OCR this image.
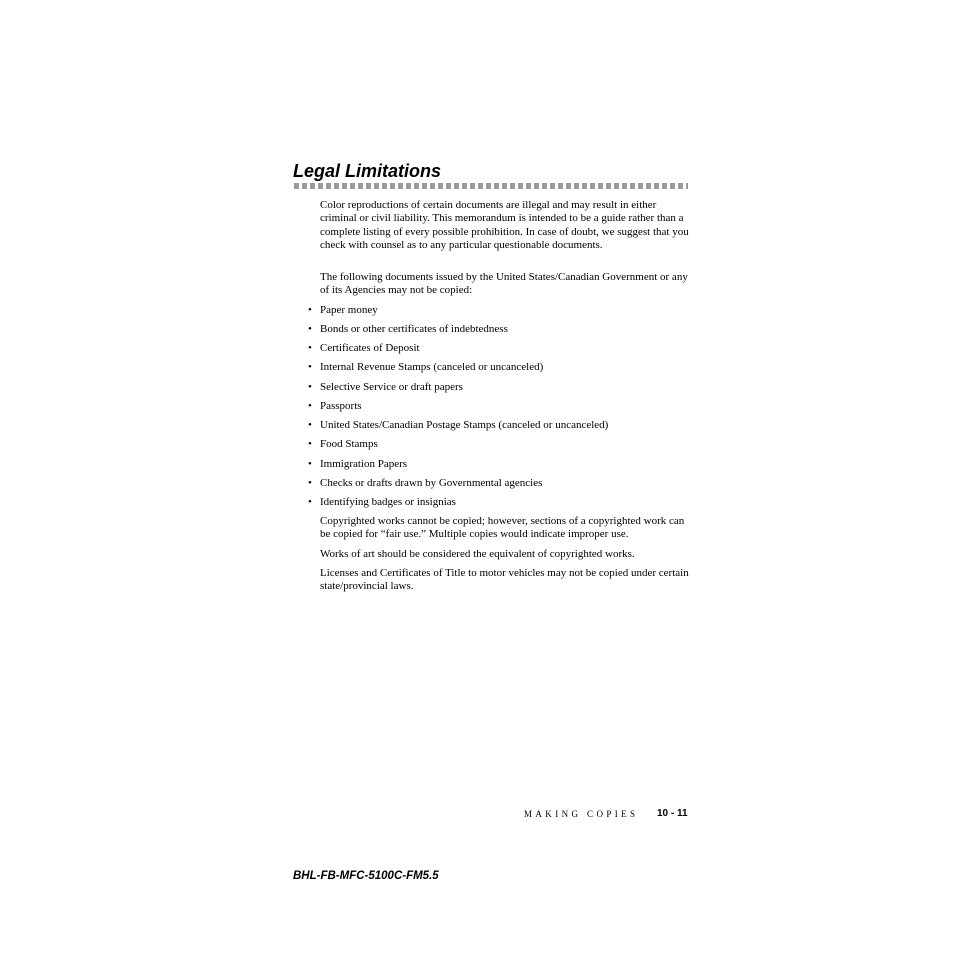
Legal Limitations

Color reproductions of certain documents are illegal and may result in either criminal or civil liability. This memorandum is intended to be a guide rather than a complete listing of every possible prohibition. In case of doubt, we suggest that you check with counsel as to any particular questionable documents.

The following documents issued by the United States/Canadian Government or any of its Agencies may not be copied:

• Paper money
• Bonds or other certificates of indebtedness
• Certificates of Deposit
• Internal Revenue Stamps (canceled or uncanceled)
• Selective Service or draft papers
• Passports
• United States/Canadian Postage Stamps (canceled or uncanceled)
• Food Stamps
• Immigration Papers
• Checks or drafts drawn by Governmental agencies
• Identifying badges or insignias

Copyrighted works cannot be copied; however, sections of a copyrighted work can be copied for “fair use.” Multiple copies would indicate improper use.

Works of art should be considered the equivalent of copyrighted works.

Licenses and Certificates of Title to motor vehicles may not be copied under certain state/provincial laws.

MAKING COPIES 10 - 11
BHL-FB-MFC-5100C-FM5.5
